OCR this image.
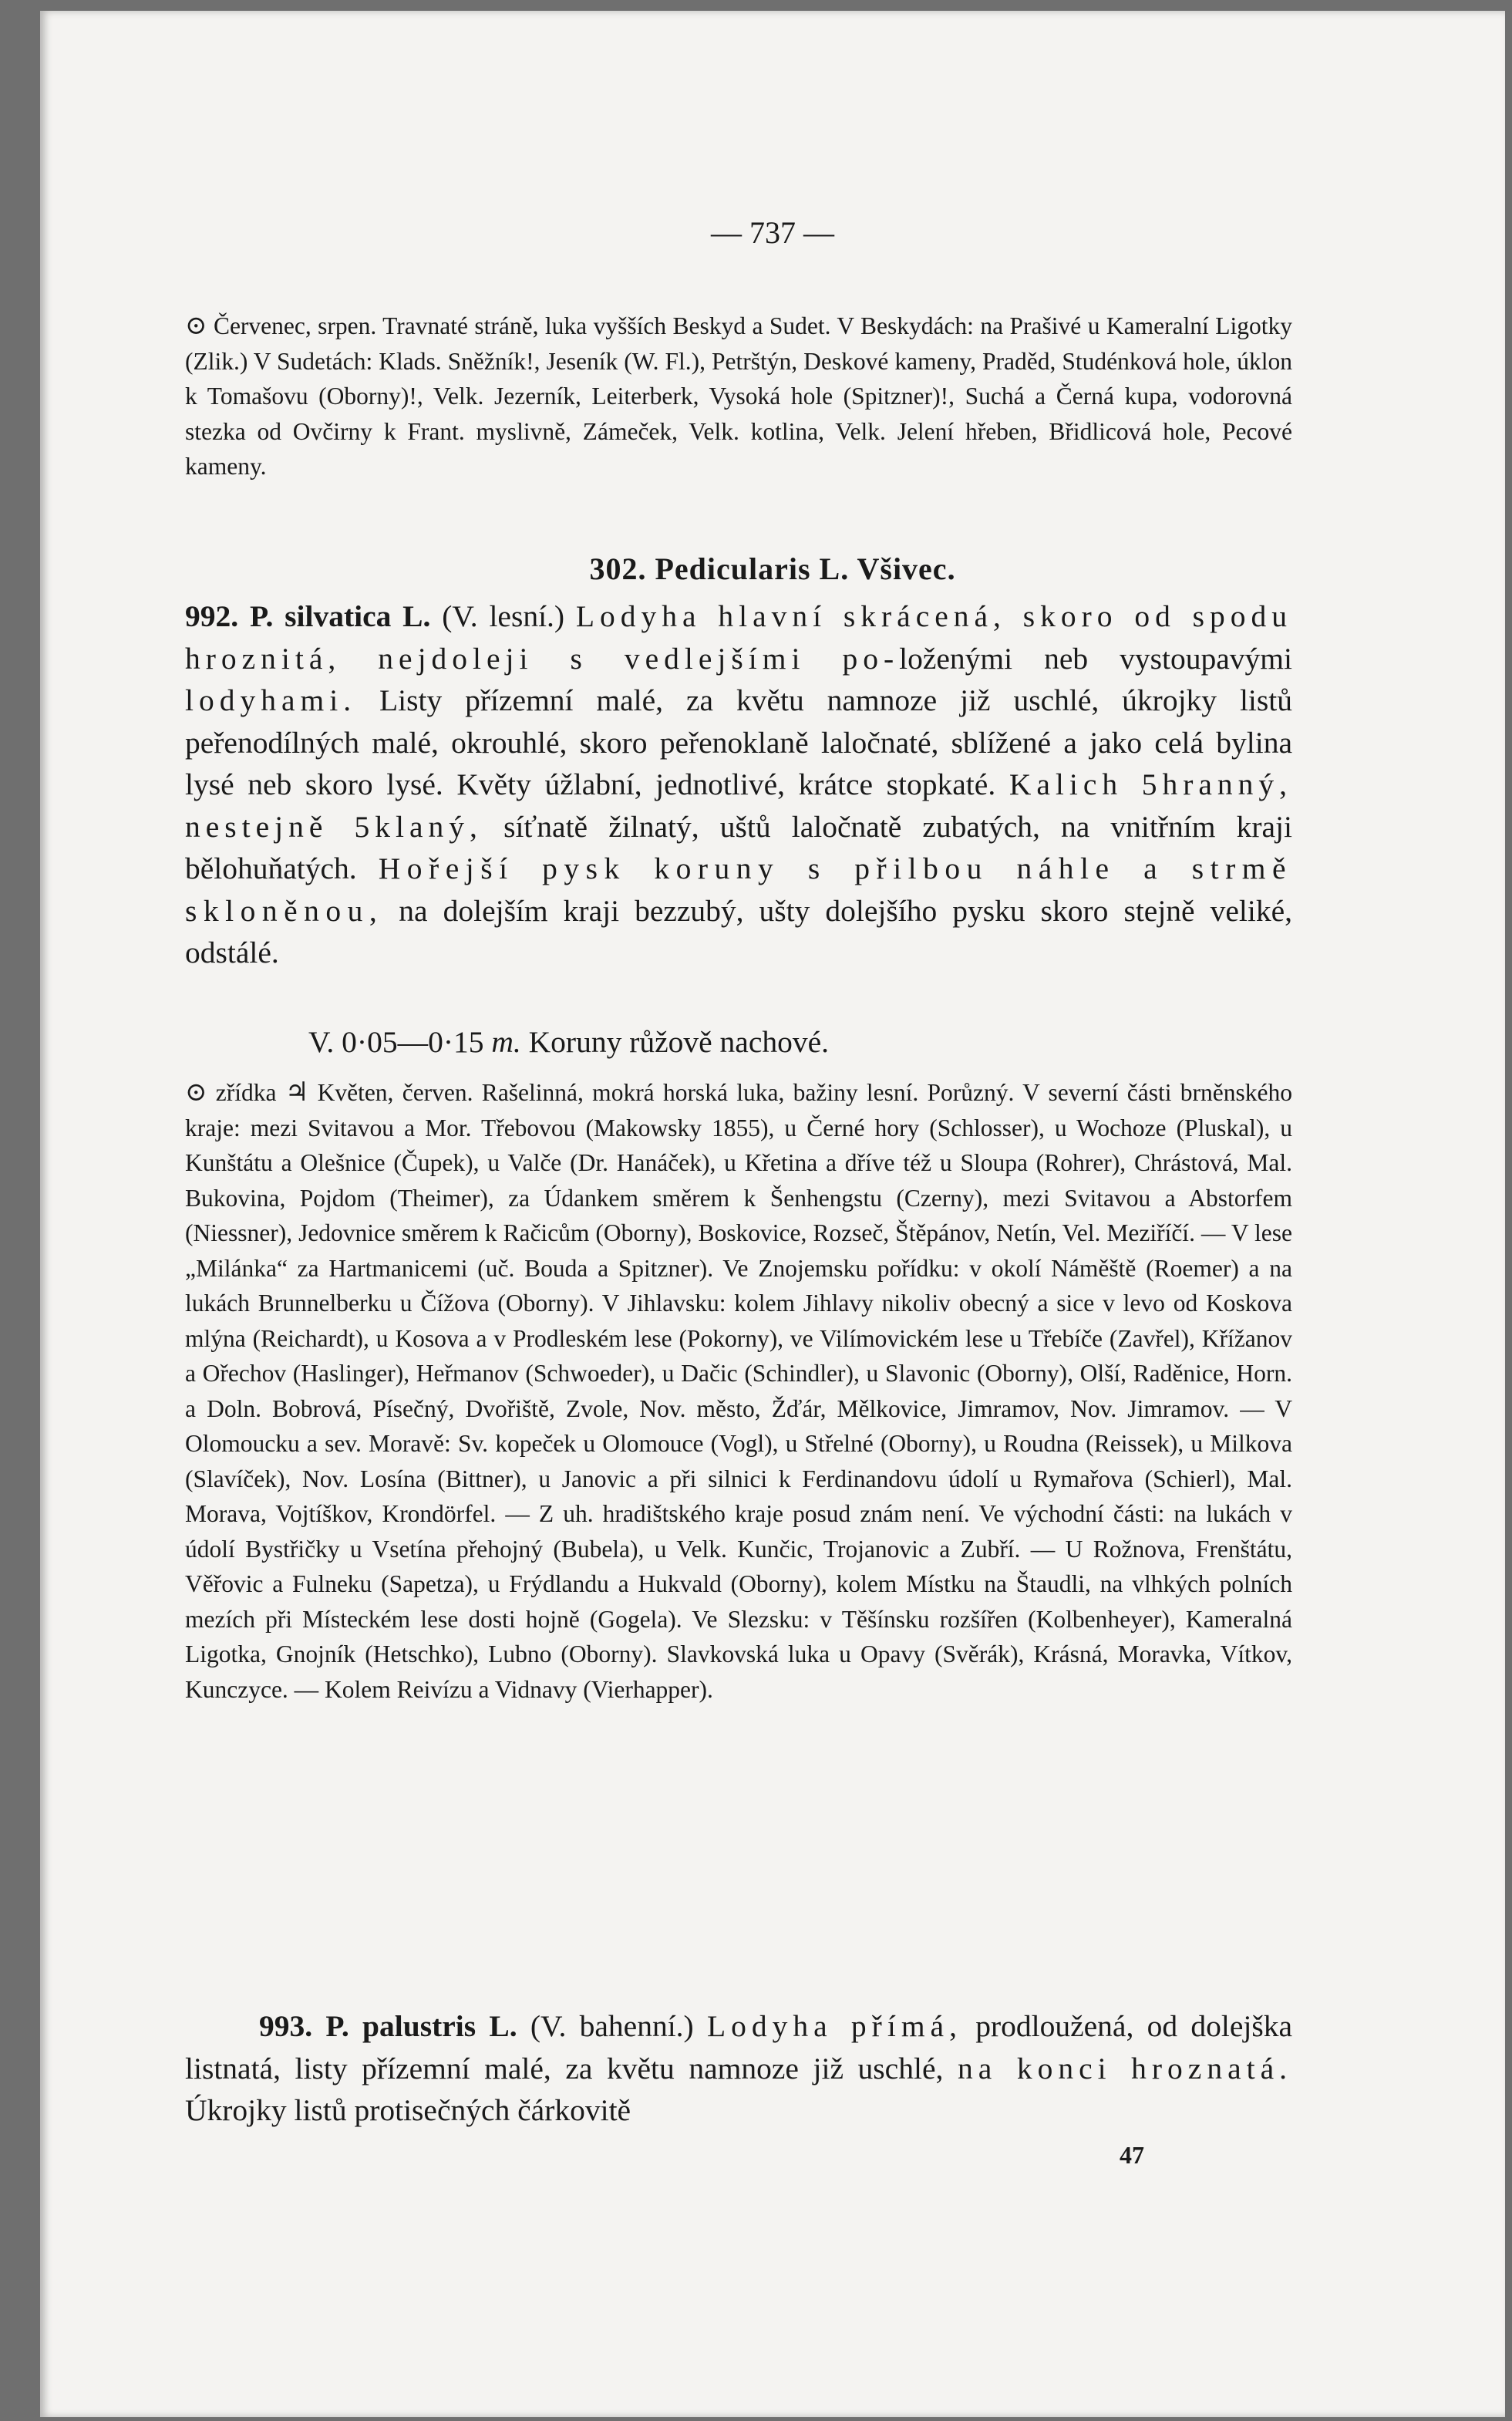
— 737 —
⊙ Červenec, srpen. Travnaté stráně, luka vyšších Beskyd a Sudet. V Beskydách: na Prašivé u Kameralní Ligotky (Zlik.) V Sudetách: Klads. Sněžník!, Jeseník (W. Fl.), Petrštýn, Deskové kameny, Praděd, Studénková hole, úklon k Tomašovu (Oborny)!, Velk. Jezerník, Leiterberk, Vysoká hole (Spitzner)!, Suchá a Černá kupa, vodorovná stezka od Ovčirny k Frant. myslivně, Zámeček, Velk. kotlina, Velk. Jelení hřeben, Břidlicová hole, Pecové kameny.
302. Pedicularis L. Všivec.
992. P. silvatica L. (V. lesní.) Lodyha hlavní skrácená, skoro od spodu hroznitá, nejdoleji s vedlejšími po-loženými neb vystoupavými lodyhami. Listy přízemní malé, za květu namnoze již uschlé, úkrojky listů peřenodílných malé, okrouhlé, skoro peřenoklaně laločnaté, sblížené a jako celá bylina lysé neb skoro lysé. Květy úžlabní, jednotlivé, krátce stopkaté. Kalich 5hranný, nestejně 5klaný, síťnatě žilnatý, uštů laločnatě zubatých, na vnitřním kraji bělohuňatých. Hořejší pysk koruny s přilbou náhle a strmě skloněnou, na dolejším kraji bezzubý, ušty dolejšího pysku skoro stejně veliké, odstálé.
V. 0·05—0·15 m. Koruny růžově nachové.
⊙ zřídka ♃ Květen, červen. Rašelinná, mokrá horská luka, bažiny lesní. Porůzný. V severní části brněnského kraje: mezi Svitavou a Mor. Třebovou (Makowsky 1855), u Černé hory (Schlosser), u Wochoze (Pluskal), u Kunštátu a Olešnice (Čupek), u Valče (Dr. Hanáček), u Křetina a dříve též u Sloupa (Rohrer), Chrástová, Mal. Bukovina, Pojdom (Theimer), za Údankem směrem k Šenhengstu (Czerny), mezi Svitavou a Abstorfem (Niessner), Jedovnice směrem k Račicům (Oborny), Boskovice, Rozseč, Štěpánov, Netín, Vel. Meziříčí. — V lese „Milánka“ za Hartmanicemi (uč. Bouda a Spitzner). Ve Znojemsku pořídku: v okolí Náměště (Roemer) a na lukách Brunnelberku u Čížova (Oborny). V Jihlavsku: kolem Jihlavy nikoliv obecný a sice v levo od Koskova mlýna (Reichardt), u Kosova a v Prodleském lese (Pokorny), ve Vilímovickém lese u Třebíče (Zavřel), Křížanov a Ořechov (Haslinger), Heřmanov (Schwoeder), u Dačic (Schindler), u Slavonic (Oborny), Olší, Raděnice, Horn. a Doln. Bobrová, Písečný, Dvořiště, Zvole, Nov. město, Žďár, Mělkovice, Jimramov, Nov. Jimramov. — V Olomoucku a sev. Moravě: Sv. kopeček u Olomouce (Vogl), u Střelné (Oborny), u Roudna (Reissek), u Milkova (Slavíček), Nov. Losína (Bittner), u Janovic a při silnici k Ferdinandovu údolí u Rymařova (Schierl), Mal. Morava, Vojtíškov, Krondörfel. — Z uh. hradištského kraje posud znám není. Ve východní části: na lukách v údolí Bystřičky u Vsetína přehojný (Bubela), u Velk. Kunčic, Trojanovic a Zubří. — U Rožnova, Frenštátu, Věřovic a Fulneku (Sapetza), u Frýdlandu a Hukvald (Oborny), kolem Místku na Štaudli, na vlhkých polních mezích při Místeckém lese dosti hojně (Gogela). Ve Slezsku: v Těšínsku rozšířen (Kolbenheyer), Kameralná Ligotka, Gnojník (Hetschko), Lubno (Oborny). Slavkovská luka u Opavy (Svěrák), Krásná, Moravka, Vítkov, Kunczyce. — Kolem Reivízu a Vidnavy (Vierhapper).
993. P. palustris L. (V. bahenní.) Lodyha přímá, prodloužená, od dolejška listnatá, listy přízemní malé, za květu namnoze již uschlé, na konci hroznatá. Úkrojky listů protisečných čárkovitě
47
